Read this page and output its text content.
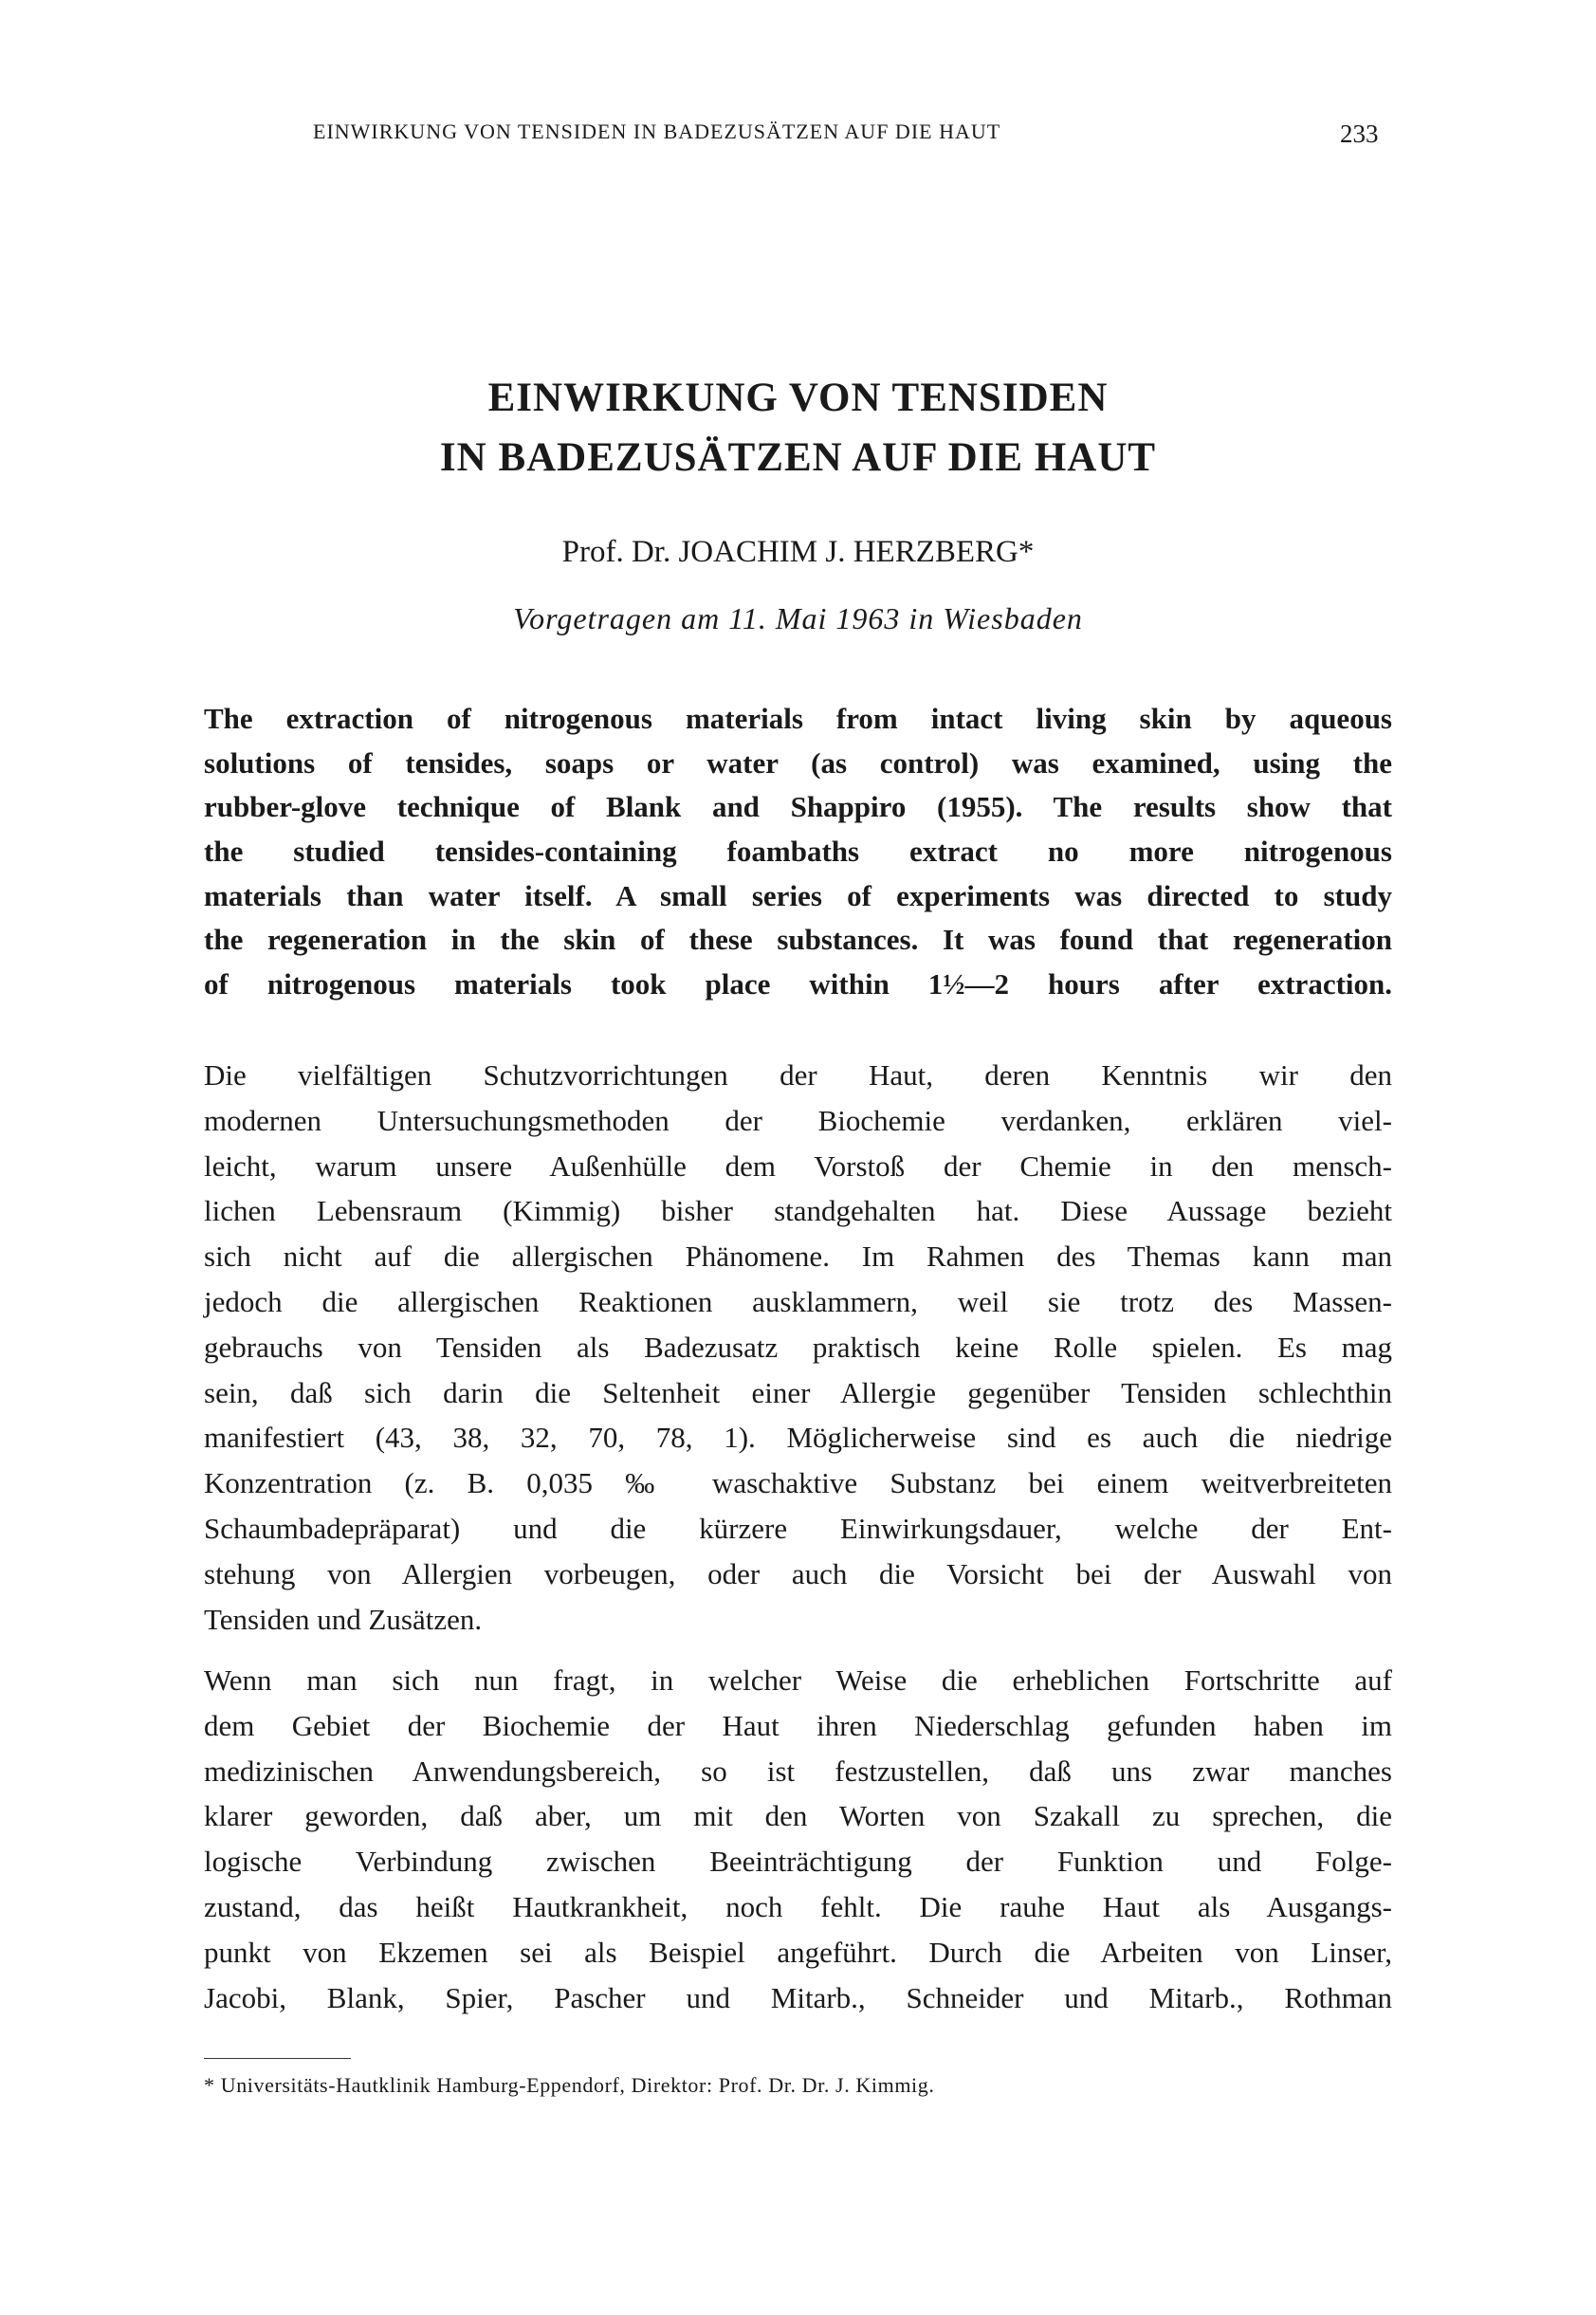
EINWIRKUNG VON TENSIDEN IN BADEZUSÄTZEN AUF DIE HAUT	233
EINWIRKUNG VON TENSIDEN
IN BADEZUSÄTZEN AUF DIE HAUT
Prof. Dr. JOACHIM J. HERZBERG*
Vorgetragen am 11. Mai 1963 in Wiesbaden
The extraction of nitrogenous materials from intact living skin by aqueous
solutions of tensides, soaps or water (as control) was examined, using the
rubber-glove technique of Blank and Shappiro (1955). The results show that
the studied tensides-containing foambaths extract no more nitrogenous
materials than water itself. A small series of experiments was directed to study
the regeneration in the skin of these substances. It was found that regeneration
of nitrogenous materials took place within 1½—2 hours after extraction.
Die vielfältigen Schutzvorrichtungen der Haut, deren Kenntnis wir den
modernen Untersuchungsmethoden der Biochemie verdanken, erklären viel-
leicht, warum unsere Außenhülle dem Vorstoß der Chemie in den mensch-
lichen Lebensraum (Kimmig) bisher standgehalten hat. Diese Aussage bezieht
sich nicht auf die allergischen Phänomene. Im Rahmen des Themas kann man
jedoch die allergischen Reaktionen ausklammern, weil sie trotz des Massen-
gebrauchs von Tensiden als Badezusatz praktisch keine Rolle spielen. Es mag
sein, daß sich darin die Seltenheit einer Allergie gegenüber Tensiden schlechthin
manifestiert (43, 38, 32, 70, 78, 1). Möglicherweise sind es auch die niedrige
Konzentration (z. B. 0,035 ‰ waschaktive Substanz bei einem weitverbreiteten
Schaumbadepräparat) und die kürzere Einwirkungsdauer, welche der Ent-
stehung von Allergien vorbeugen, oder auch die Vorsicht bei der Auswahl von
Tensiden und Zusätzen.
Wenn man sich nun fragt, in welcher Weise die erheblichen Fortschritte auf
dem Gebiet der Biochemie der Haut ihren Niederschlag gefunden haben im
medizinischen Anwendungsbereich, so ist festzustellen, daß uns zwar manches
klarer geworden, daß aber, um mit den Worten von Szakall zu sprechen, die
logische Verbindung zwischen Beeinträchtigung der Funktion und Folge-
zustand, das heißt Hautkrankheit, noch fehlt. Die rauhe Haut als Ausgangs-
punkt von Ekzemen sei als Beispiel angeführt. Durch die Arbeiten von Linser,
Jacobi, Blank, Spier, Pascher und Mitarb., Schneider und Mitarb., Rothman
* Universitäts-Hautklinik Hamburg-Eppendorf, Direktor: Prof. Dr. Dr. J. Kimmig.
